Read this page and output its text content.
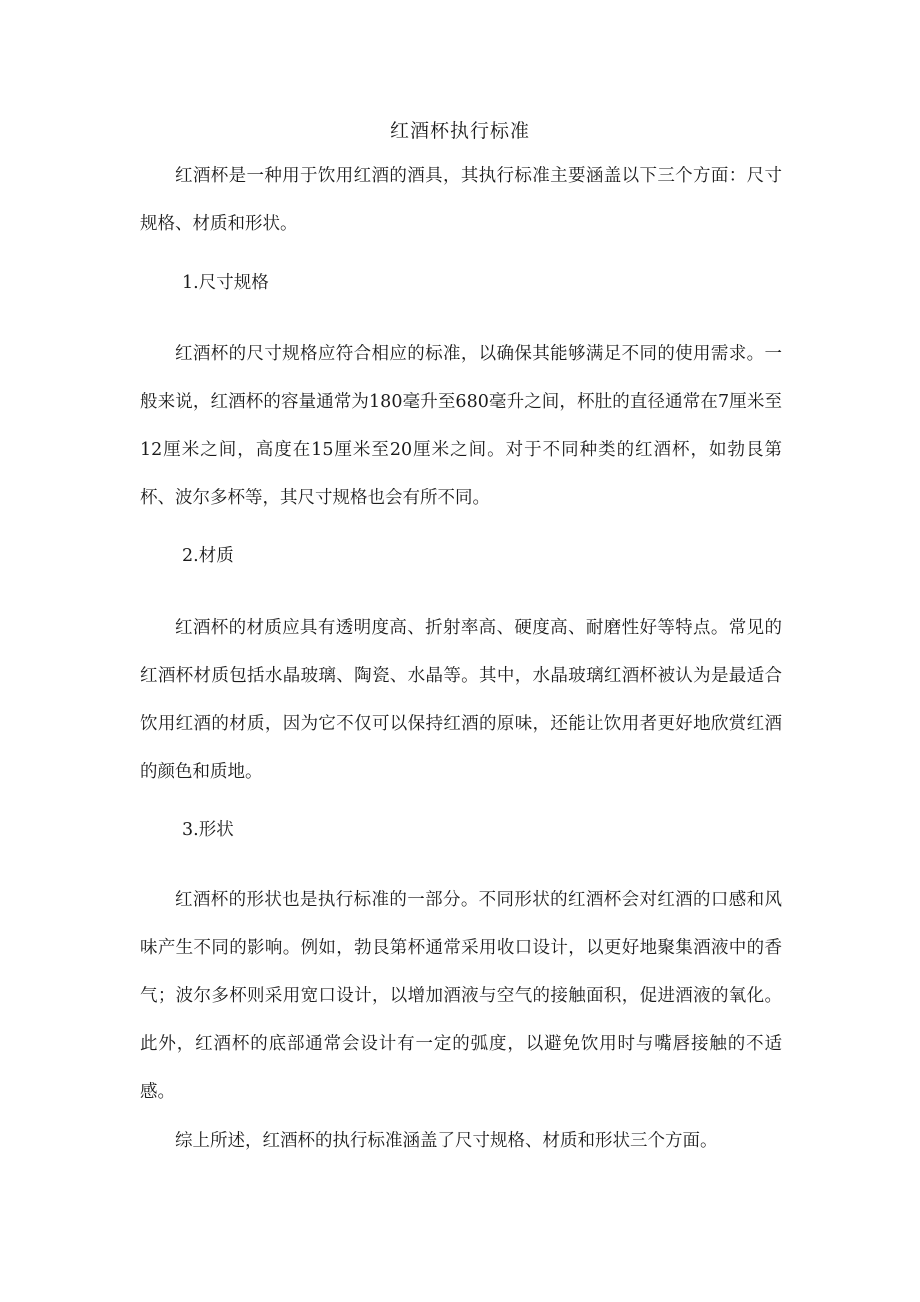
红酒杯执行标准

红酒杯是一种用于饮用红酒的酒具，其执行标准主要涵盖以下三个方面：尺寸规格、材质和形状。

1.尺寸规格

红酒杯的尺寸规格应符合相应的标准，以确保其能够满足不同的使用需求。一般来说，红酒杯的容量通常为180毫升至680毫升之间，杯肚的直径通常在7厘米至12厘米之间，高度在15厘米至20厘米之间。对于不同种类的红酒杯，如勃艮第杯、波尔多杯等，其尺寸规格也会有所不同。

2.材质

红酒杯的材质应具有透明度高、折射率高、硬度高、耐磨性好等特点。常见的红酒杯材质包括水晶玻璃、陶瓷、水晶等。其中，水晶玻璃红酒杯被认为是最适合饮用红酒的材质，因为它不仅可以保持红酒的原味，还能让饮用者更好地欣赏红酒的颜色和质地。

3.形状

红酒杯的形状也是执行标准的一部分。不同形状的红酒杯会对红酒的口感和风味产生不同的影响。例如，勃艮第杯通常采用收口设计，以更好地聚集酒液中的香气；波尔多杯则采用宽口设计，以增加酒液与空气的接触面积，促进酒液的氧化。此外，红酒杯的底部通常会设计有一定的弧度，以避免饮用时与嘴唇接触的不适感。

综上所述，红酒杯的执行标准涵盖了尺寸规格、材质和形状三个方面。
